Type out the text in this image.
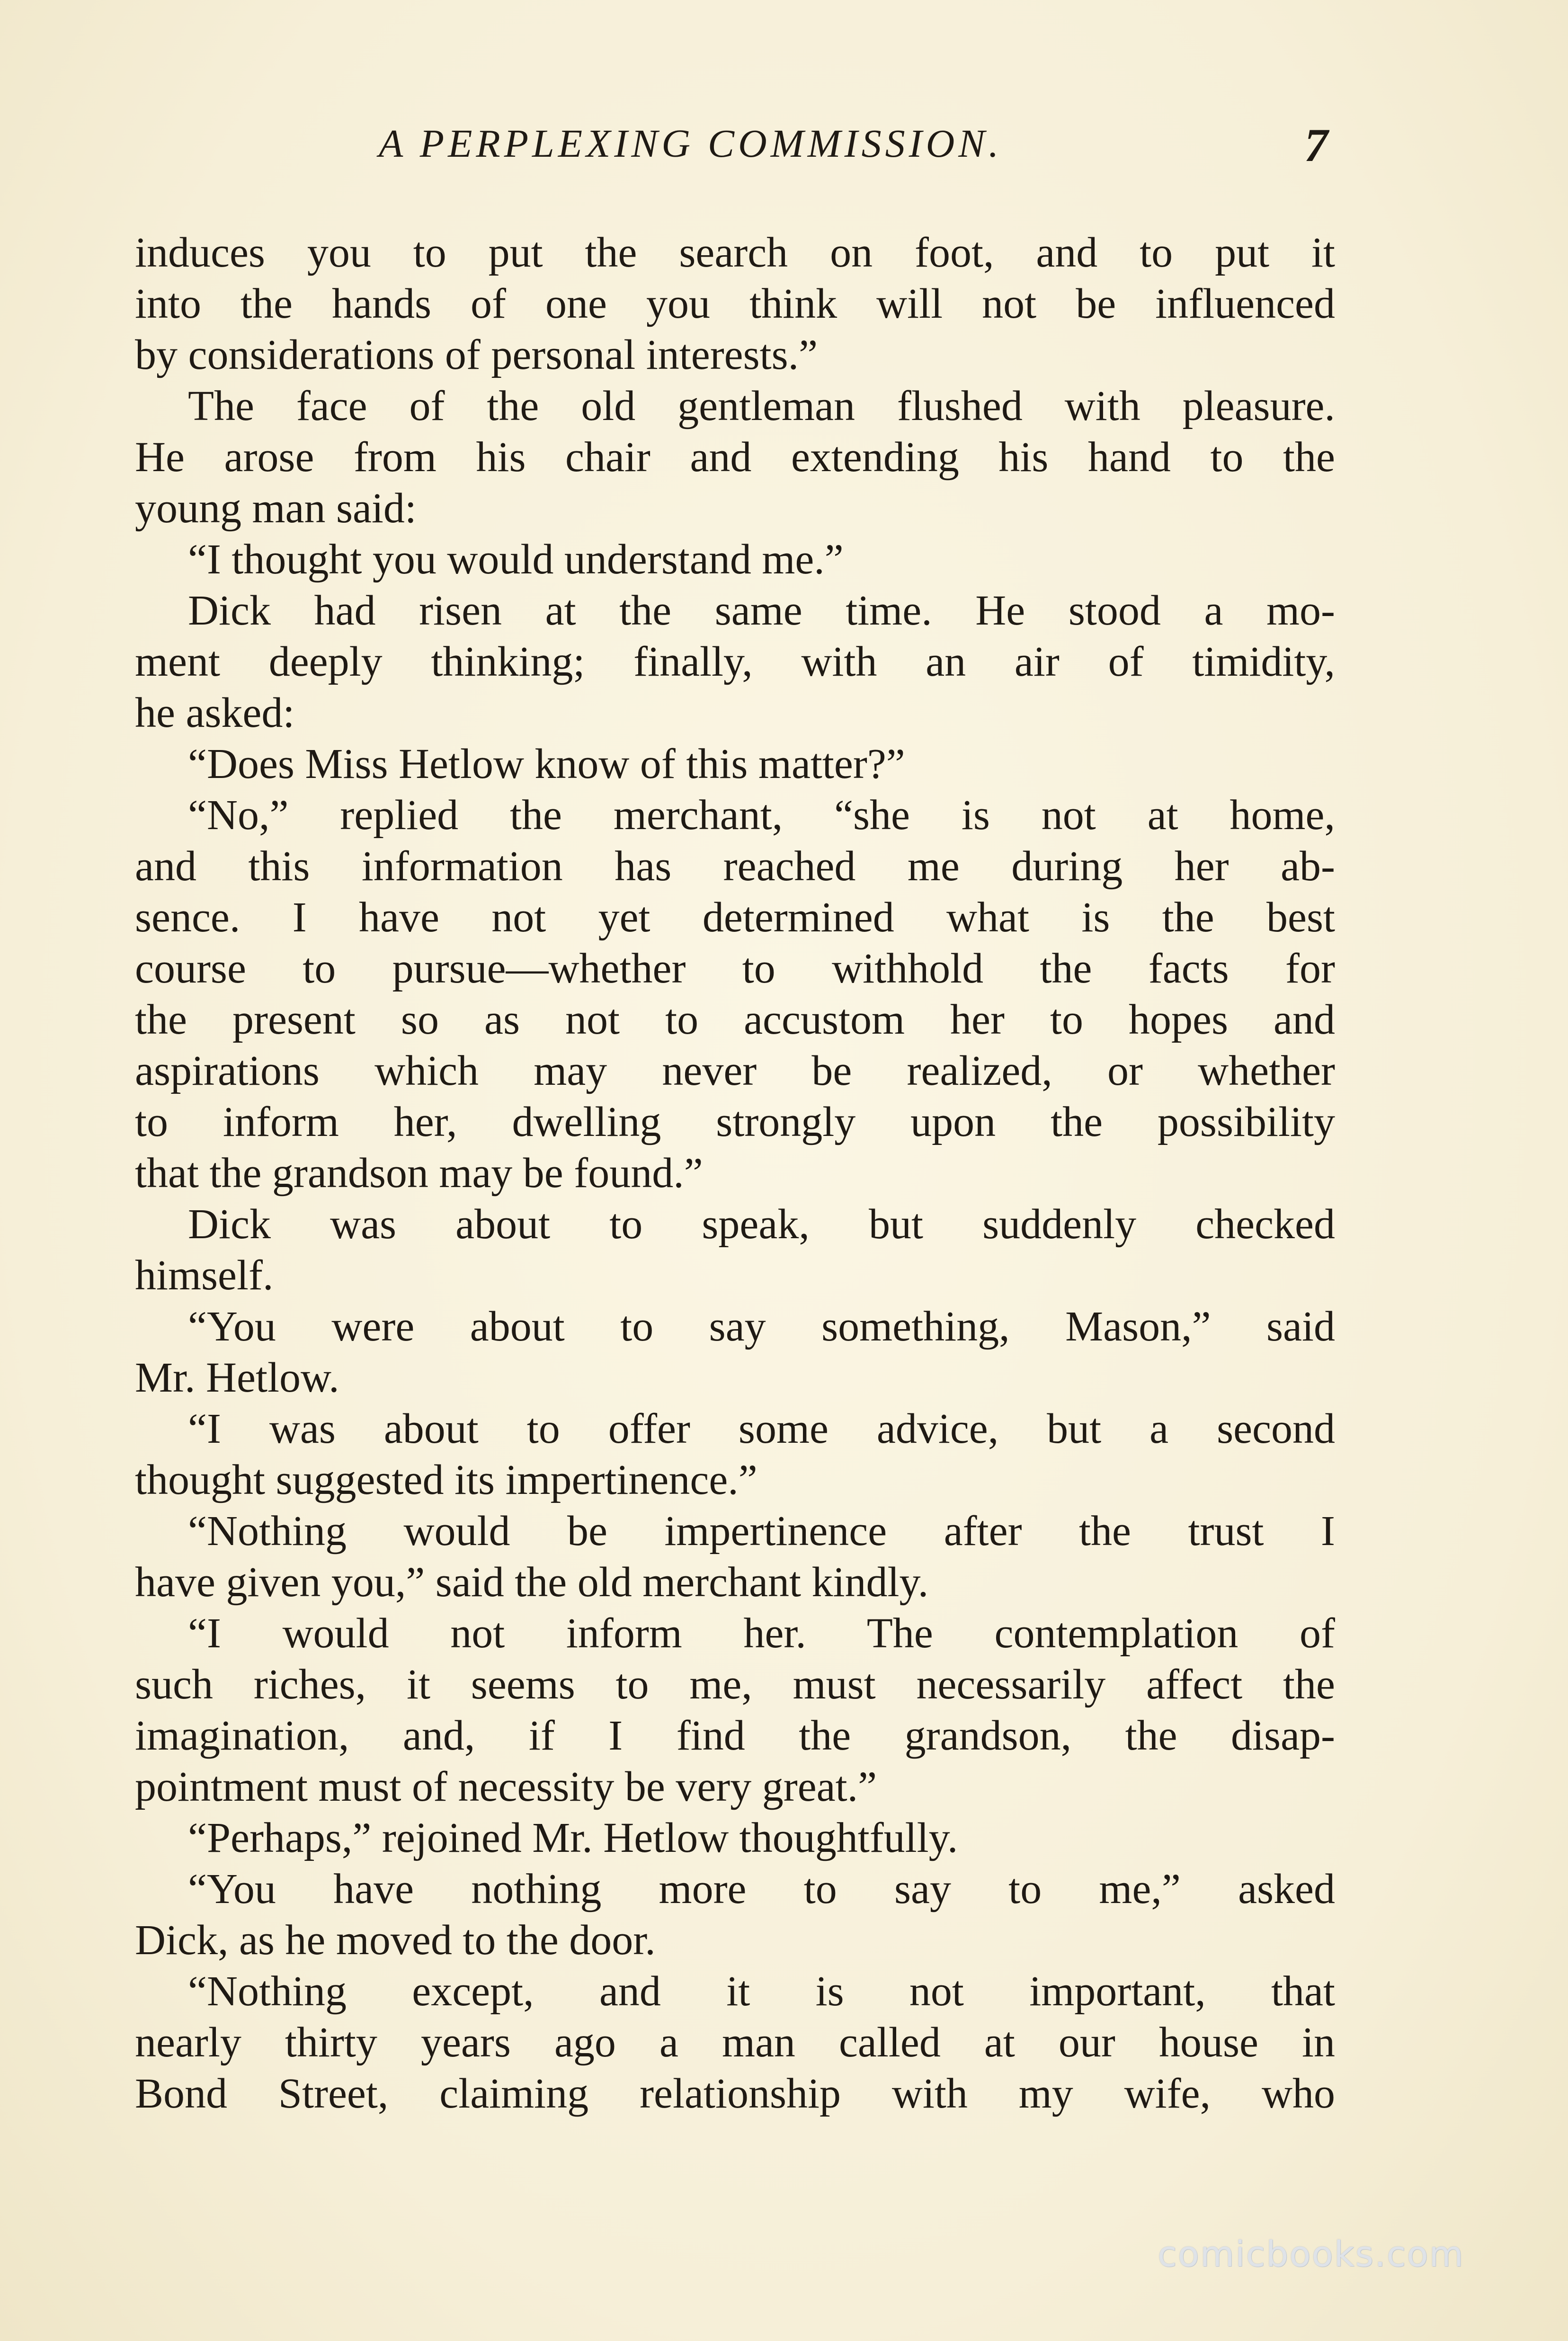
A PERPLEXING COMMISSION.	7
induces you to put the search on foot, and to put it
into the hands of one you think will not be influenced
by considerations of personal interests.”
The face of the old gentleman flushed with pleasure.
He arose from his chair and extending his hand to the
young man said:
“I thought you would understand me.”
Dick had risen at the same time. He stood a mo-
ment deeply thinking; finally, with an air of timidity,
he asked:
“Does Miss Hetlow know of this matter?”
“No,” replied the merchant, “she is not at home,
and this information has reached me during her ab-
sence. I have not yet determined what is the best
course to pursue—whether to withhold the facts for
the present so as not to accustom her to hopes and
aspirations which may never be realized, or whether
to inform her, dwelling strongly upon the possibility
that the grandson may be found.”
Dick was about to speak, but suddenly checked
himself.
“You were about to say something, Mason,” said
Mr. Hetlow.
“I was about to offer some advice, but a second
thought suggested its impertinence.”
“Nothing would be impertinence after the trust I
have given you,” said the old merchant kindly.
“I would not inform her. The contemplation of
such riches, it seems to me, must necessarily affect the
imagination, and, if I find the grandson, the disap-
pointment must of necessity be very great.”
“Perhaps,” rejoined Mr. Hetlow thoughtfully.
“You have nothing more to say to me,” asked
Dick, as he moved to the door.
“Nothing except, and it is not important, that
nearly thirty years ago a man called at our house in
Bond Street, claiming relationship with my wife, who
comicbooks.com
